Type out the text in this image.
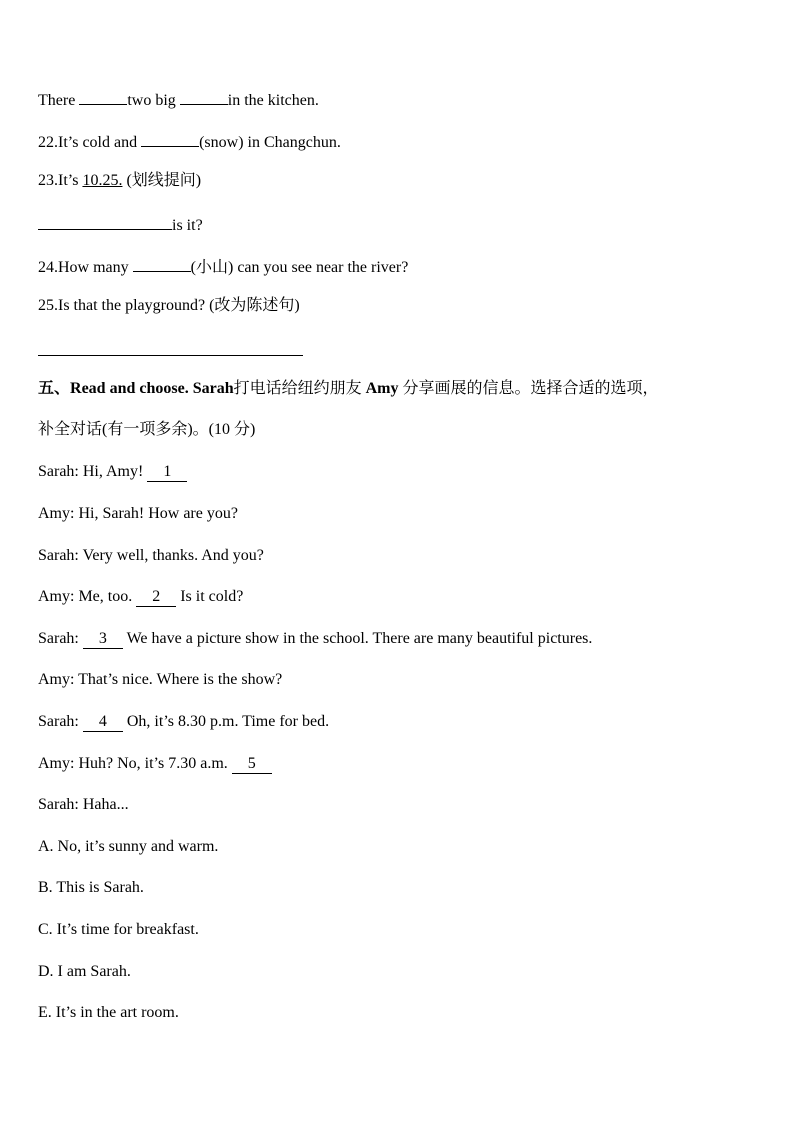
There	two big	in the kitchen.
22.It’s cold and	(snow) in Changchun.
23.It’s 10.25. (划线提问)
is it?
24.How many	(小山) can you see near the river?
25.Is that the playground? (改为陈述句)
五、Read and choose. Sarah打电话给纽约朋友 Amy 分享画展的信息。选择合适的选项，
补全对话(有一项多余)。(10 分)
Sarah: Hi, Amy! 1
Amy: Hi, Sarah! How are you?
Sarah: Very well, thanks. And you?
Amy: Me, too. 2 Is it cold?
Sarah: 3 We have a picture show in the school. There are many beautiful pictures.
Amy: That’s nice. Where is the show?
Sarah: 4 Oh, it’s 8.30 p.m. Time for bed.
Amy: Huh? No, it’s 7.30 a.m. 5
Sarah: Haha...
A. No, it’s sunny and warm.
B. This is Sarah.
C. It’s time for breakfast.
D. I am Sarah.
E. It’s in the art room.
